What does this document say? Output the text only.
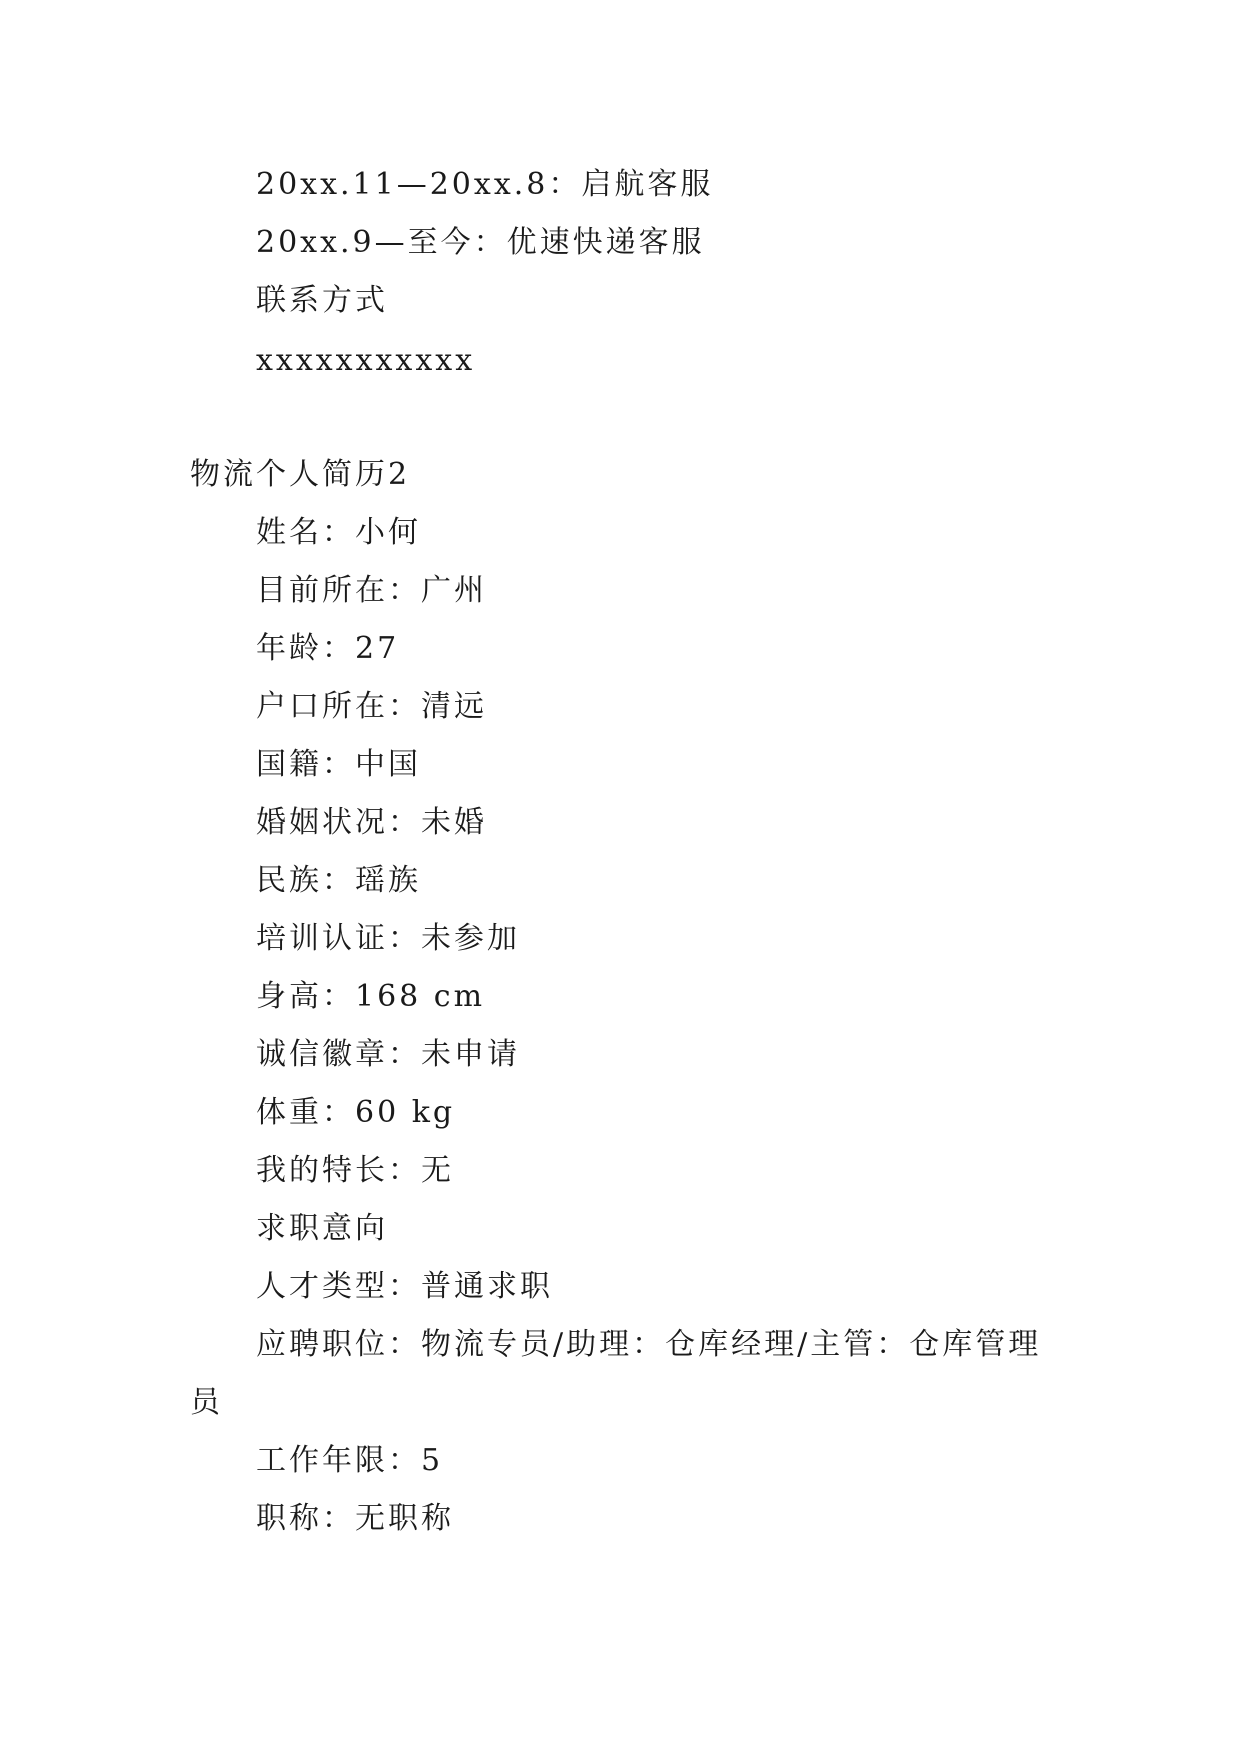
20xx.11—20xx.8：启航客服
20xx.9—至今：优速快递客服
联系方式
xxxxxxxxxxx
物流个人简历2
姓名：小何
目前所在：广州
年龄：27
户口所在：清远
国籍：中国
婚姻状况：未婚
民族：瑶族
培训认证：未参加
身高：168 cm
诚信徽章：未申请
体重：60 kg
我的特长：无
求职意向
人才类型：普通求职
应聘职位：物流专员/助理：仓库经理/主管：仓库管理
员
工作年限：5
职称：无职称
